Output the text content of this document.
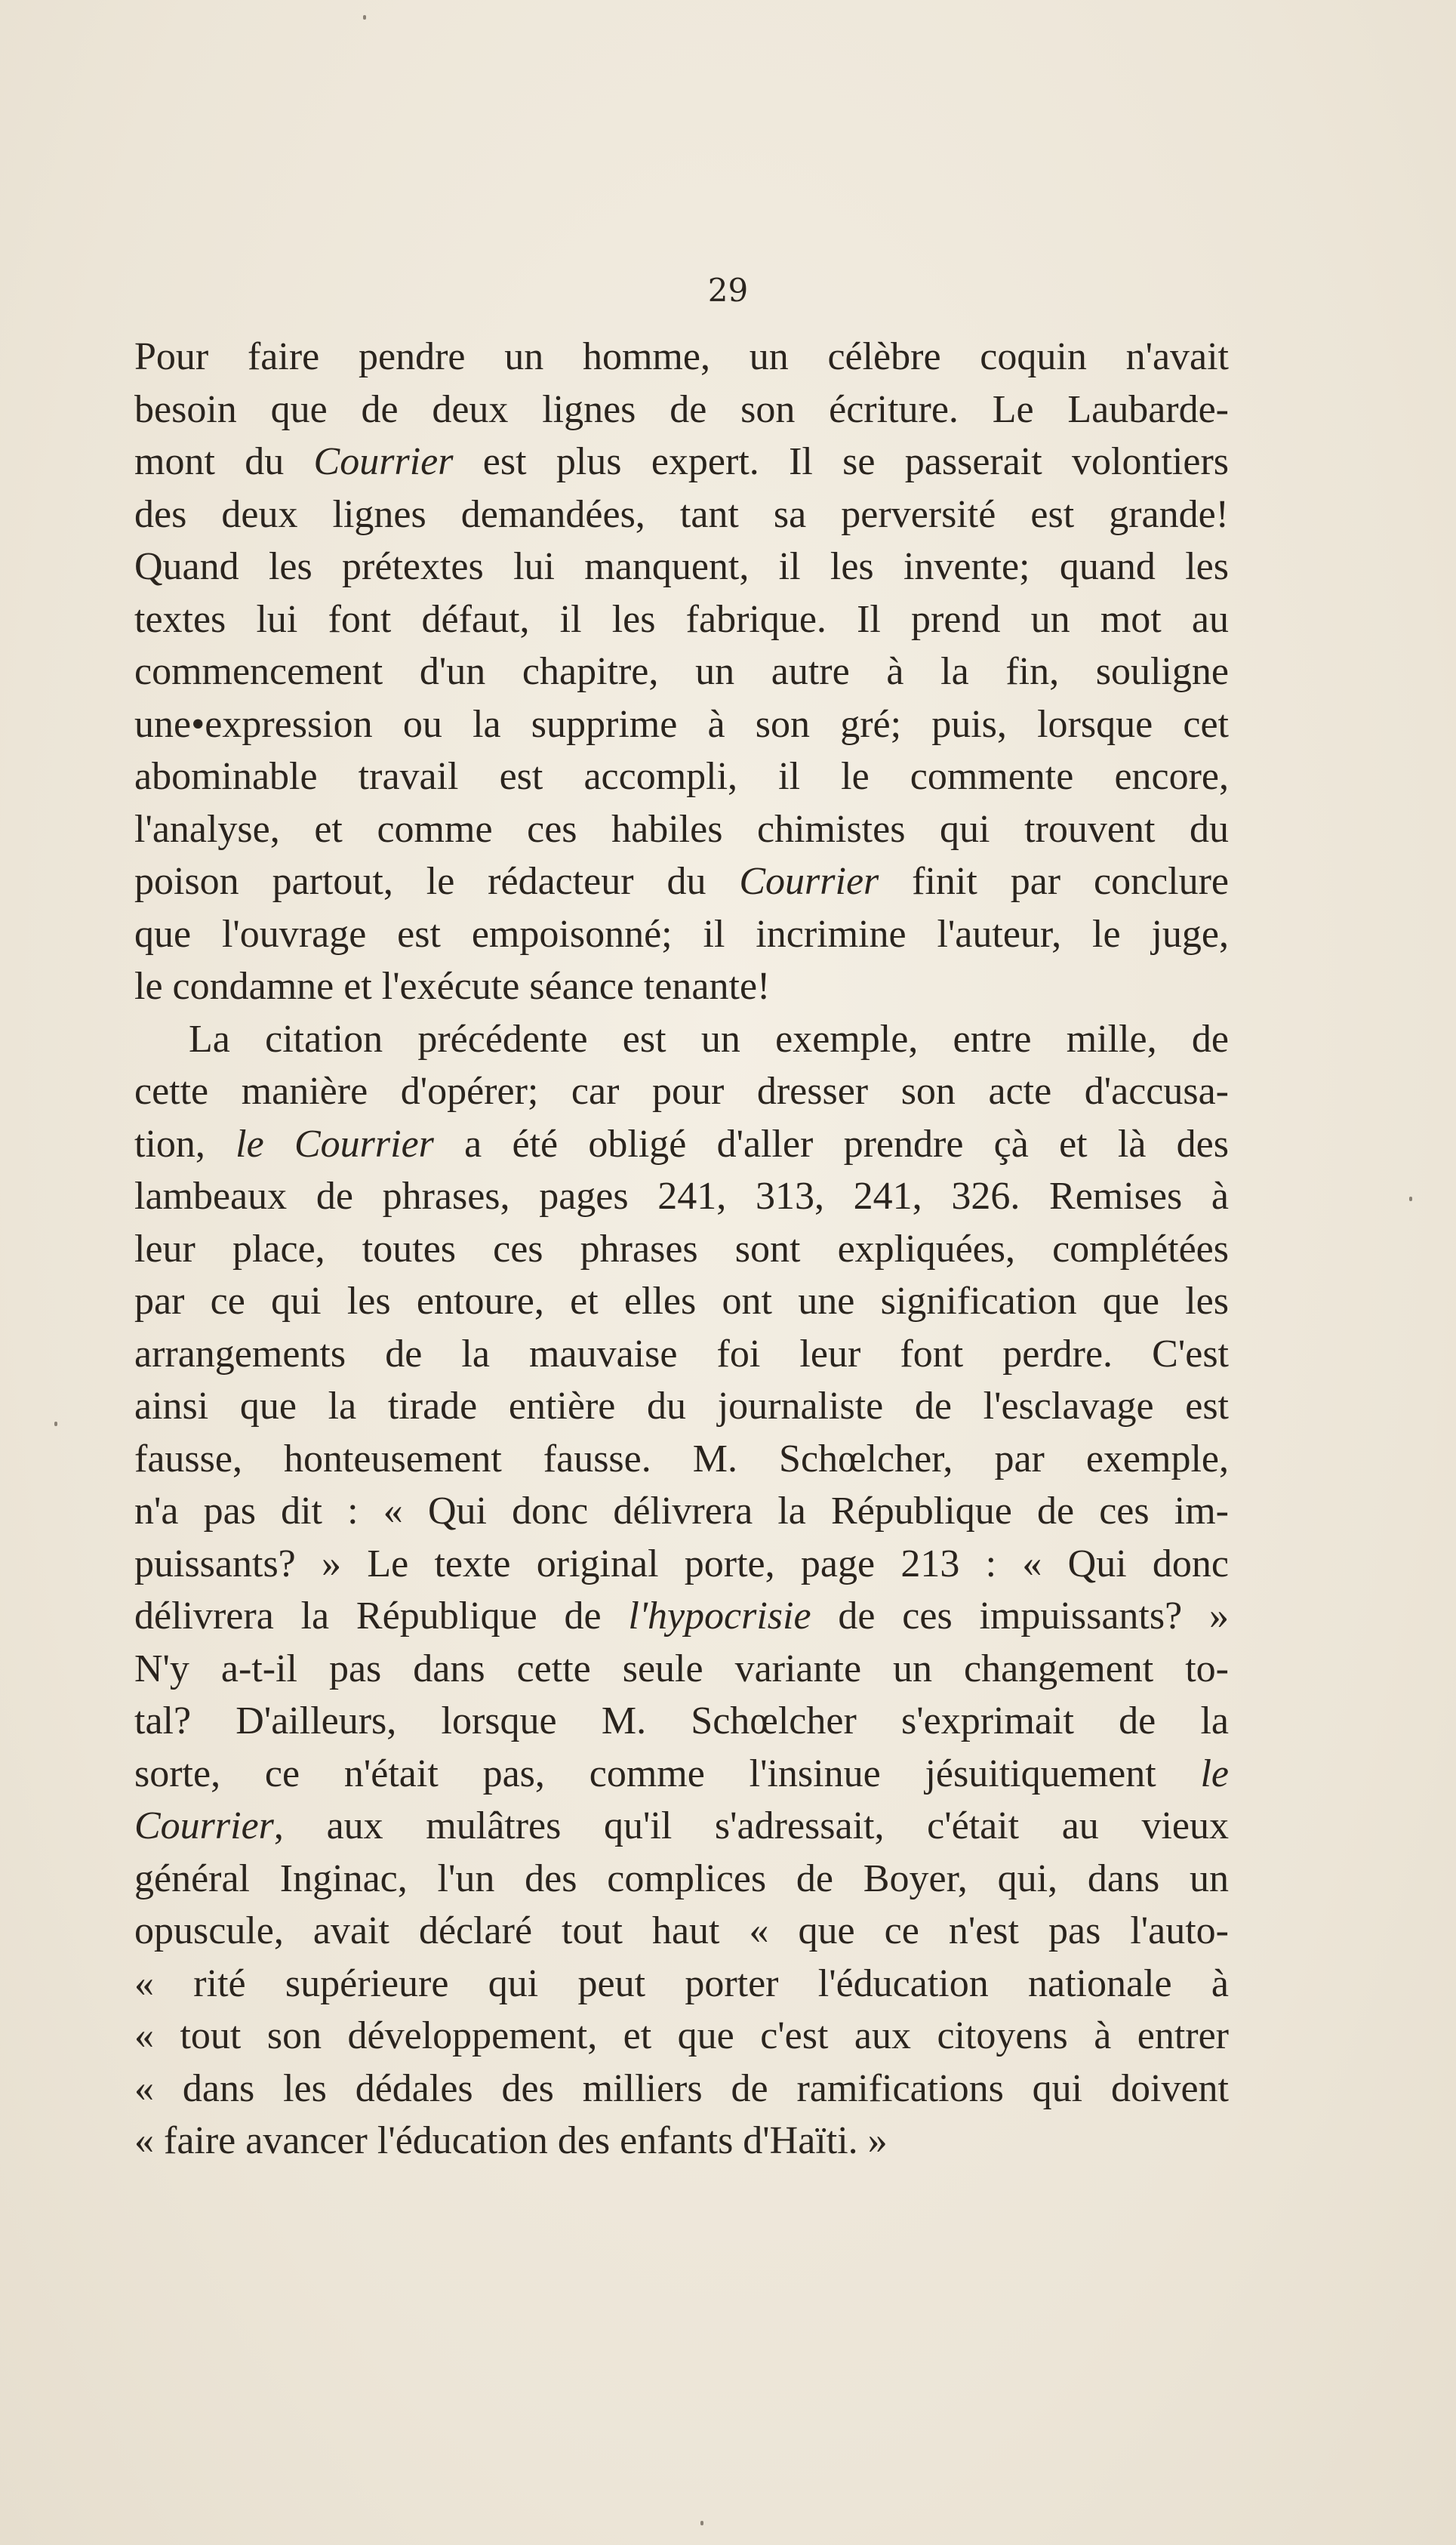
29
Pour faire pendre un homme, un célèbre coquin n'avait
besoin que de deux lignes de son écriture. Le Laubarde-
mont du Courrier est plus expert. Il se passerait volontiers
des deux lignes demandées, tant sa perversité est grande!
Quand les prétextes lui manquent, il les invente; quand les
textes lui font défaut, il les fabrique. Il prend un mot au
commencement d'un chapitre, un autre à la fin, souligne
une•expression ou la supprime à son gré; puis, lorsque cet
abominable travail est accompli, il le commente encore,
l'analyse, et comme ces habiles chimistes qui trouvent du
poison partout, le rédacteur du Courrier finit par conclure
que l'ouvrage est empoisonné; il incrimine l'auteur, le juge,
le condamne et l'exécute séance tenante!
La citation précédente est un exemple, entre mille, de
cette manière d'opérer; car pour dresser son acte d'accusa-
tion, le Courrier a été obligé d'aller prendre çà et là des
lambeaux de phrases, pages 241, 313, 241, 326. Remises à
leur place, toutes ces phrases sont expliquées, complétées
par ce qui les entoure, et elles ont une signification que les
arrangements de la mauvaise foi leur font perdre. C'est
ainsi que la tirade entière du journaliste de l'esclavage est
fausse, honteusement fausse. M. Schœlcher, par exemple,
n'a pas dit : « Qui donc délivrera la République de ces im-
puissants? » Le texte original porte, page 213 : « Qui donc
délivrera la République de l'hypocrisie de ces impuissants? »
N'y a-t-il pas dans cette seule variante un changement to-
tal? D'ailleurs, lorsque M. Schœlcher s'exprimait de la
sorte, ce n'était pas, comme l'insinue jésuitiquement le
Courrier, aux mulâtres qu'il s'adressait, c'était au vieux
général Inginac, l'un des complices de Boyer, qui, dans un
opuscule, avait déclaré tout haut « que ce n'est pas l'auto-
« rité supérieure qui peut porter l'éducation nationale à
« tout son développement, et que c'est aux citoyens à entrer
« dans les dédales des milliers de ramifications qui doivent
« faire avancer l'éducation des enfants d'Haïti. »
